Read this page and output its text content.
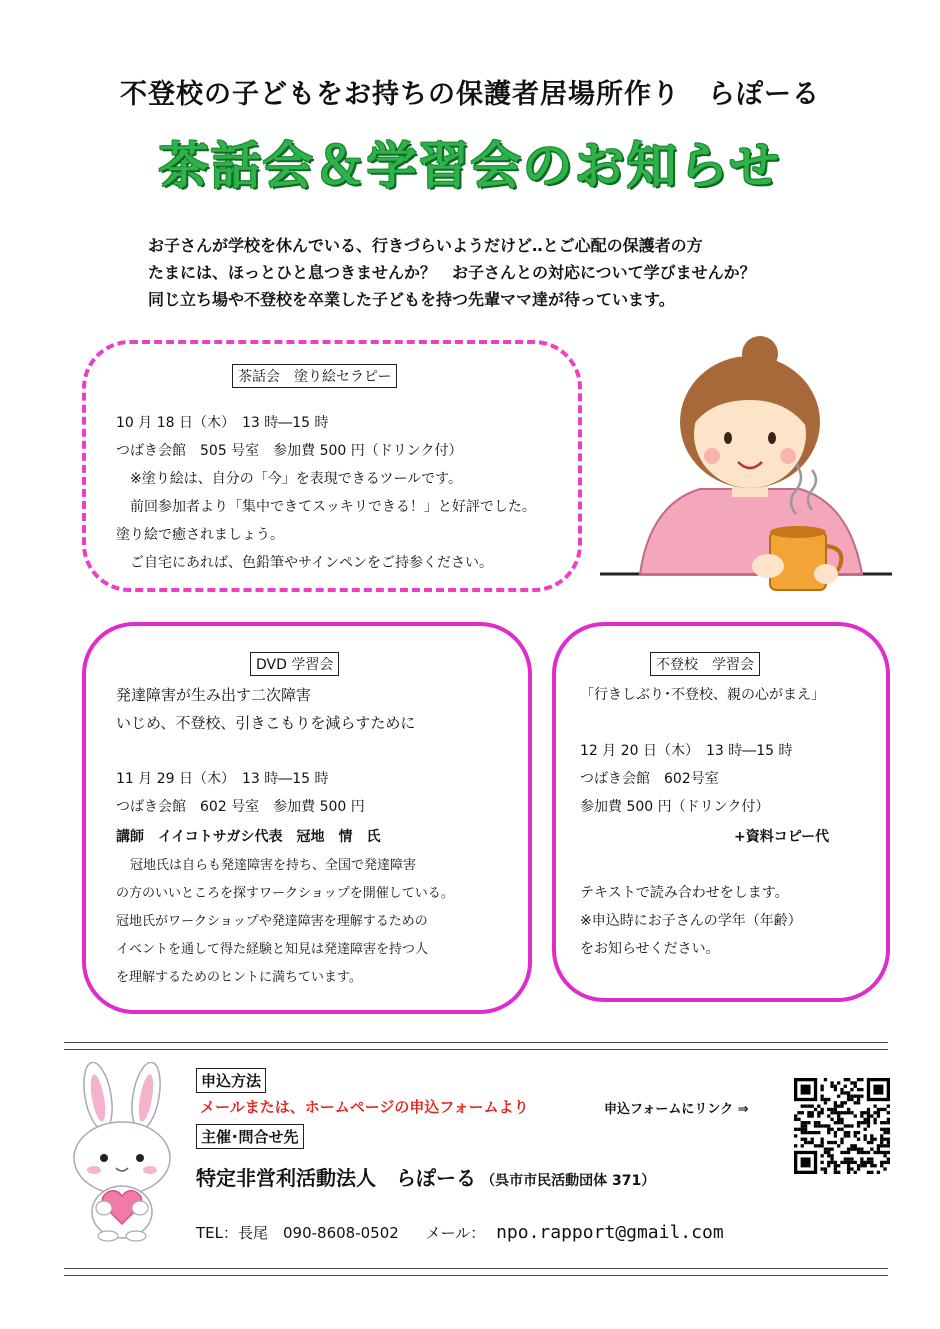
不登校の子どもをお持ちの保護者居場所作り　らぽーる
茶話会＆学習会のお知らせ
お子さんが学校を休んでいる、行きづらいようだけど‥とご心配の保護者の方
たまには、ほっとひと息つきませんか？　お子さんとの対応について学びませんか？
同じ立ち場や不登校を卒業した子どもを持つ先輩ママ達が待っています。
茶話会　塗り絵セラピー
10 月 18 日（木）　13 時―15 時
つばき会館　505 号室　参加費 500 円（ドリンク付）
※塗り絵は、自分の「今」を表現できるツールです。
前回参加者より「集中できてスッキリできる！」と好評でした。
塗り絵で癒されましょう。
ご自宅にあれば、色鉛筆やサインペンをご持参ください。
DVD 学習会
発達障害が生み出す二次障害
いじめ、不登校、引きこもりを減らすために
11 月 29 日（木）　13 時―15 時
つばき会館　602 号室　参加費 500 円
講師　イイコトサガシ代表　冠地　情　氏
冠地氏は自らも発達障害を持ち、全国で発達障害
の方のいいところを探すワークショップを開催している。
冠地氏がワークショップや発達障害を理解するための
イベントを通して得た経験と知見は発達障害を持つ人
を理解するためのヒントに満ちています。
不登校　学習会
「行きしぶり･不登校、親の心がまえ」
12 月 20 日（木）　13 時―15 時
つばき会館　602号室
参加費 500 円（ドリンク付）
+資料コピー代
テキストで読み合わせをします。
※申込時にお子さんの学年（年齢）
をお知らせください。
申込方法
メールまたは、ホームページの申込フォームより	申込フォームにリンク ⇒
主催･問合せ先
特定非営利活動法人　らぽーる （呉市市民活動団体 371）
TEL：長尾　090-8608-0502 メール： npo.rapport@gmail.com
